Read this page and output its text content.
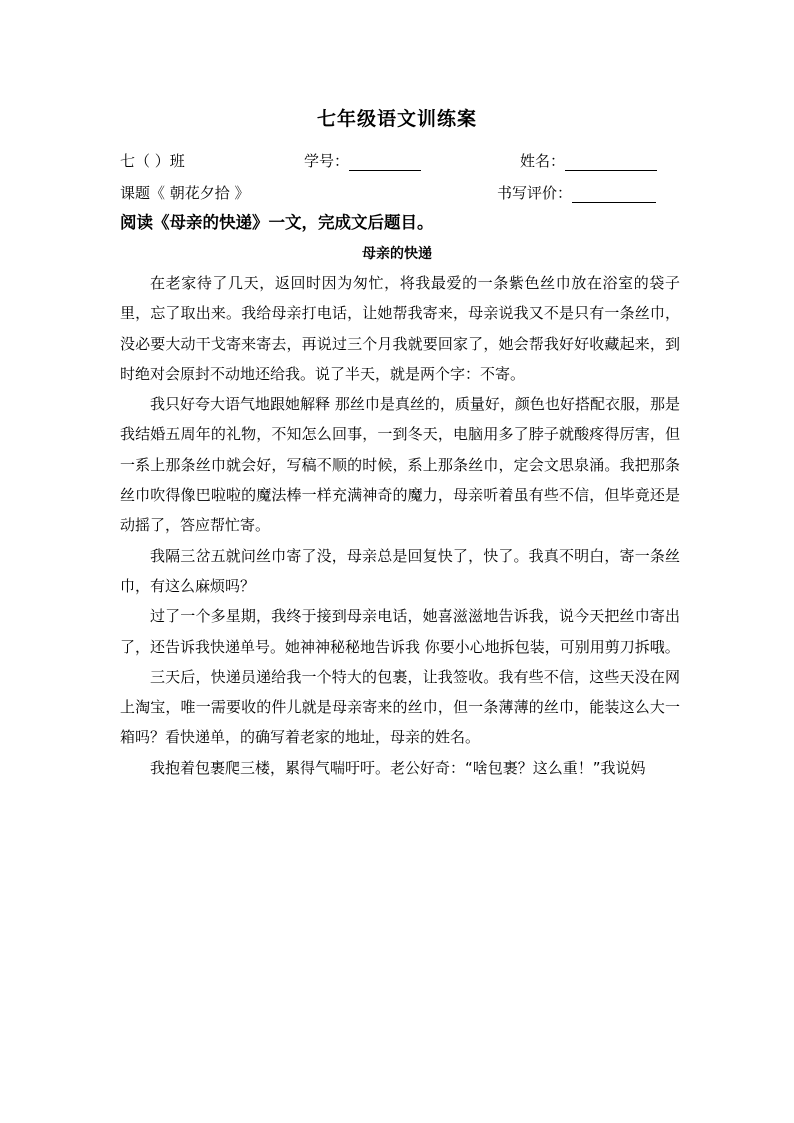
七年级语文训练案
七（ ）班	学号：	姓名：
课题《 朝花夕拾 》	书写评价：

阅读《母亲的快递》一文，完成文后题目。

母亲的快递

在老家待了几天，返回时因为匆忙，将我最爱的一条紫色丝巾放在浴室的袋子里，忘了取出来。我给母亲打电话，让她帮我寄来，母亲说我又不是只有一条丝巾，没必要大动干戈寄来寄去，再说过三个月我就要回家了，她会帮我好好收藏起来，到时绝对会原封不动地还给我。说了半天，就是两个字：不寄。

我只好夸大语气地跟她解释 那丝巾是真丝的，质量好，颜色也好搭配衣服，那是我结婚五周年的礼物，不知怎么回事，一到冬天，电脑用多了脖子就酸疼得厉害，但一系上那条丝巾就会好，写稿不顺的时候，系上那条丝巾，定会文思泉涌。我把那条丝巾吹得像巴啦啦的魔法棒一样充满神奇的魔力，母亲听着虽有些不信，但毕竟还是动摇了，答应帮忙寄。

我隔三岔五就问丝巾寄了没，母亲总是回复快了，快了。我真不明白，寄一条丝巾，有这么麻烦吗？

过了一个多星期，我终于接到母亲电话，她喜滋滋地告诉我，说今天把丝巾寄出了，还告诉我快递单号。她神神秘秘地告诉我 你要小心地拆包装，可别用剪刀拆哦。

三天后，快递员递给我一个特大的包裹，让我签收。我有些不信，这些天没在网上淘宝，唯一需要收的件儿就是母亲寄来的丝巾，但一条薄薄的丝巾，能装这么大一箱吗？看快递单，的确写着老家的地址，母亲的姓名。

我抱着包裹爬三楼，累得气喘吁吁。老公好奇：“啥包裹？这么重！”我说妈
